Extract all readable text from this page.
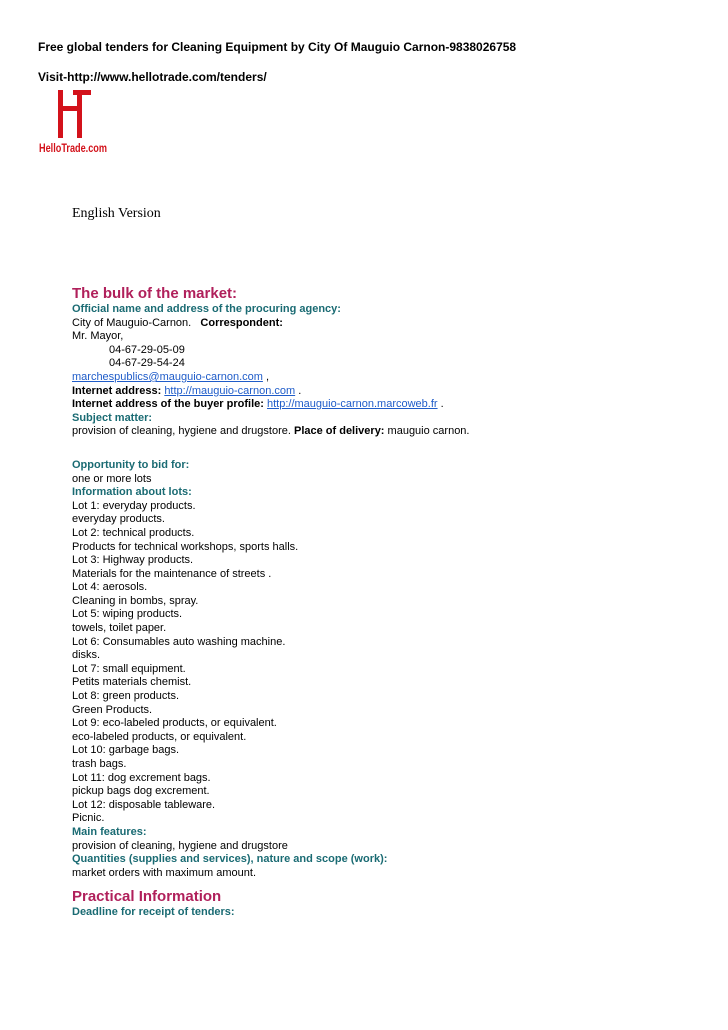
Free global tenders for Cleaning Equipment by City Of Mauguio Carnon-9838026758
Visit-http://www.hellotrade.com/tenders/
HelloTrade.com
English Version
The bulk of the market:
Official name and address of the procuring agency:
City of Mauguio-Carnon. Correspondent:
Mr. Mayor,
04-67-29-05-09
04-67-29-54-24
marchespublics@mauguio-carnon.com ,
Internet address: http://mauguio-carnon.com .
Internet address of the buyer profile: http://mauguio-carnon.marcoweb.fr .
Subject matter:
provision of cleaning, hygiene and drugstore. Place of delivery: mauguio carnon.
Opportunity to bid for:
one or more lots
Information about lots:
Lot 1: everyday products.
everyday products.
Lot 2: technical products.
Products for technical workshops, sports halls.
Lot 3: Highway products.
Materials for the maintenance of streets .
Lot 4: aerosols.
Cleaning in bombs, spray.
Lot 5: wiping products.
towels, toilet paper.
Lot 6: Consumables auto washing machine.
disks.
Lot 7: small equipment.
Petits materials chemist.
Lot 8: green products.
Green Products.
Lot 9: eco-labeled products, or equivalent.
eco-labeled products, or equivalent.
Lot 10: garbage bags.
trash bags.
Lot 11: dog excrement bags.
pickup bags dog excrement.
Lot 12: disposable tableware.
Picnic.
Main features:
provision of cleaning, hygiene and drugstore
Quantities (supplies and services), nature and scope (work):
market orders with maximum amount.
Practical Information
Deadline for receipt of tenders:
